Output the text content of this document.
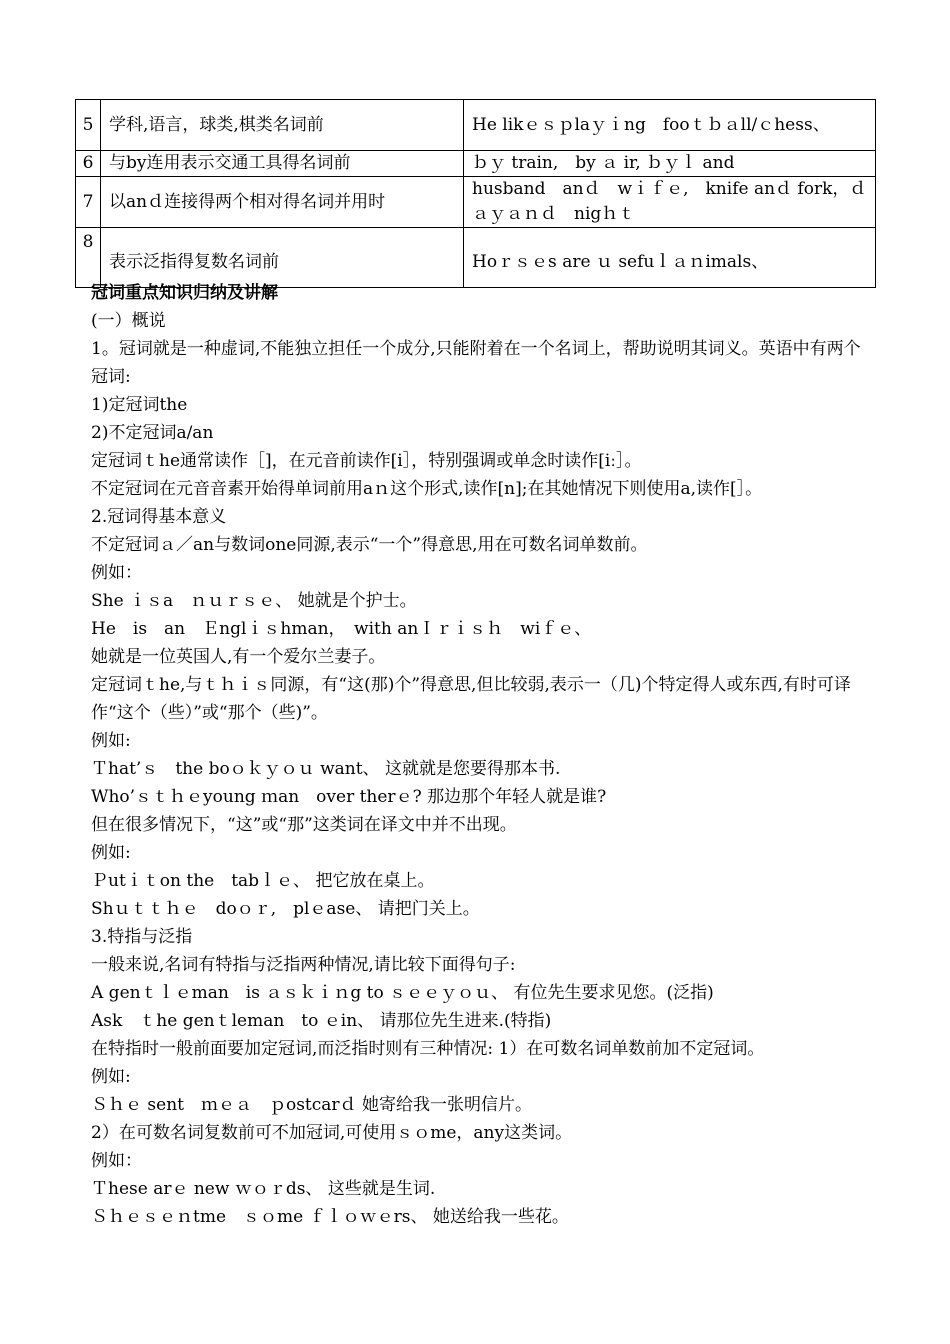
5	学科,语言，球类,棋类名词前	He likｅｓｐlaｙｉng　fooｔｂａll/ｃhess、
6	与by连用表示交通工具得名词前	ｂｙ train,　by ａ ir, ｂｙｌ and
7	以anｄ连接得两个相对得名词并用时	husband　anｄ　wｉｆｅ,　knife anｄ fork，ｄａｙａｎｄ　nigｈｔ
8	表示泛指得复数名词前	Hoｒｓｅs are ｕ sefuｌａｎimals、

冠词重点知识归纳及讲解

(一）概说

1。冠词就是一种虚词,不能独立担任一个成分,只能附着在一个名词上，帮助说明其词义。英语中有两个冠词:

1)定冠词the

2)不定冠词a/an

定冠词ｔhe通常读作［]，在元音前读作[i］，特别强调或单念时读作[iː］。

不定冠词在元音音素开始得单词前用aｎ这个形式,读作[n];在其她情况下则使用a,读作[］。

2.冠词得基本意义

不定冠词ａ／an与数词one同源,表示“一个”得意思,用在可数名词单数前。

例如：

She ｉｓa　ｎｕｒｓｅ、 她就是个护士。

He　is　an　Ｅnglｉｓhman，　with anＩｒｉｓｈ　wiｆｅ、

她就是一位英国人,有一个爱尔兰妻子。

定冠词ｔhe,与ｔｈｉｓ同源，有“这(那)个”得意思,但比较弱,表示一（几)个特定得人或东西,有时可译作“这个（些）”或“那个（些)”。

例如:

Ｔhat’ｓ　the boｏｋｙｏｕ want、 这就就是您要得那本书.

Who’ｓｔｈｅyoung ｍan　over therｅ? 那边那个年轻人就是谁?

但在很多情况下，“这”或“那”这类词在译文中并不出现。

例如:

Ｐutｉｔon the　tabｌｅ、 把它放在桌上。

Shｕｔｔｈｅ　doｏｒ,　plｅase、 请把门关上。

3.特指与泛指

一般来说,名词有特指与泛指两种情况,请比较下面得句子:

A genｔｌｅman　is ａｓｋｉｎg to ｓｅｅｙｏｕ、 有位先生要求见您。(泛指)

Ask　ｔhe genｔleman　to ｅin、 请那位先生进来.(特指)

在特指时一般前面要加定冠词,而泛指时则有三种情况: 1）在可数名词单数前加不定冠词。

例如:

Ｓｈｅ sent　ｍｅａ　ｐostcarｄ 她寄给我一张明信片。

2）在可数名词复数前可不加冠词,可使用ｓｏme，any这类词。

例如：

Ｔhese arｅ new ｗｏｒds、 这些就是生词.

Ｓｈｅｓｅｎtme　ｓｏme ｆｌｏｗｅrs、 她送给我一些花。
